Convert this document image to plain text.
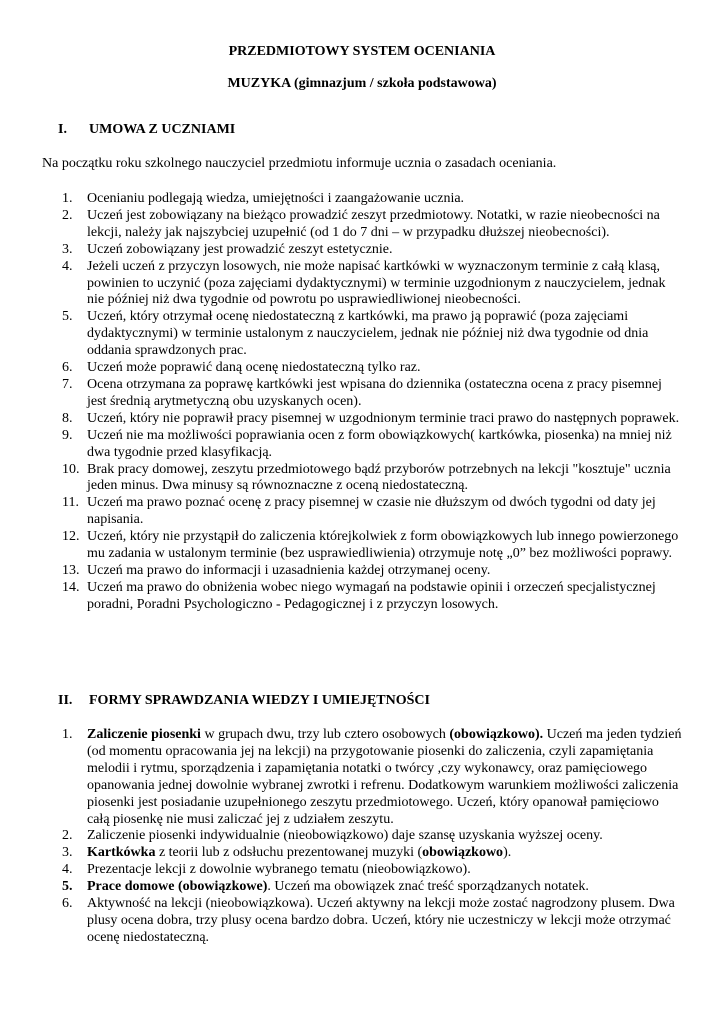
PRZEDMIOTOWY SYSTEM OCENIANIA
MUZYKA (gimnazjum / szkoła podstawowa)
I. UMOWA Z UCZNIAMI
Na początku roku szkolnego nauczyciel przedmiotu informuje ucznia o zasadach oceniania.
1. Ocenianiu podlegają wiedza, umiejętności i zaangażowanie ucznia.
2. Uczeń jest zobowiązany na bieżąco prowadzić zeszyt przedmiotowy. Notatki, w razie nieobecności na lekcji, należy jak najszybciej uzupełnić (od 1 do 7 dni – w przypadku dłuższej nieobecności).
3. Uczeń zobowiązany jest prowadzić zeszyt estetycznie.
4. Jeżeli uczeń z przyczyn losowych, nie może napisać kartkówki w wyznaczonym terminie z całą klasą, powinien to uczynić (poza zajęciami dydaktycznymi) w terminie uzgodnionym z nauczycielem, jednak nie później niż dwa tygodnie od powrotu po usprawiedliwionej nieobecności.
5. Uczeń, który otrzymał ocenę niedostateczną z kartkówki, ma prawo ją poprawić (poza zajęciami dydaktycznymi) w terminie ustalonym z nauczycielem, jednak nie później niż dwa tygodnie od dnia oddania sprawdzonych prac.
6. Uczeń może poprawić daną ocenę niedostateczną tylko raz.
7. Ocena otrzymana za poprawę kartkówki jest wpisana do dziennika (ostateczna ocena z pracy pisemnej jest średnią arytmetyczną obu uzyskanych ocen).
8. Uczeń, który nie poprawił pracy pisemnej w uzgodnionym terminie traci prawo do następnych poprawek.
9. Uczeń nie ma możliwości poprawiania ocen z form obowiązkowych( kartkówka, piosenka) na mniej niż dwa tygodnie przed klasyfikacją.
10. Brak pracy domowej, zeszytu przedmiotowego bądź przyborów potrzebnych na lekcji "kosztuje" ucznia jeden minus. Dwa minusy są równoznaczne z oceną niedostateczną.
11. Uczeń ma prawo poznać ocenę z pracy pisemnej w czasie nie dłuższym od dwóch tygodni od daty jej napisania.
12. Uczeń, który nie przystąpił do zaliczenia którejkolwiek z form obowiązkowych lub innego powierzonego mu zadania w ustalonym terminie (bez usprawiedliwienia) otrzymuje notę „0” bez możliwości poprawy.
13. Uczeń ma prawo do informacji i uzasadnienia każdej otrzymanej oceny.
14. Uczeń ma prawo do obniżenia wobec niego wymagań na podstawie opinii i orzeczeń specjalistycznej poradni, Poradni Psychologiczno - Pedagogicznej i z przyczyn losowych.
II. FORMY SPRAWDZANIA WIEDZY I UMIEJĘTNOŚCI
1. Zaliczenie piosenki w grupach dwu, trzy lub cztero osobowych (obowiązkowo). Uczeń ma jeden tydzień (od momentu opracowania jej na lekcji) na przygotowanie piosenki do zaliczenia, czyli zapamiętania melodii i rytmu, sporządzenia i zapamiętania notatki o twórcy ,czy wykonawcy, oraz pamięciowego opanowania jednej dowolnie wybranej zwrotki i refrenu. Dodatkowym warunkiem możliwości zaliczenia piosenki jest posiadanie uzupełnionego zeszytu przedmiotowego. Uczeń, który opanował pamięciowo całą piosenkę nie musi zaliczać jej z udziałem zeszytu.
2. Zaliczenie piosenki indywidualnie (nieobowiązkowo) daje szansę uzyskania wyższej oceny.
3. Kartkówka z teorii lub z odsłuchu prezentowanej muzyki (obowiązkowo).
4. Prezentacje lekcji z dowolnie wybranego tematu (nieobowiązkowo).
5. Prace domowe (obowiązkowe). Uczeń ma obowiązek znać treść sporządzanych notatek.
6. Aktywność na lekcji (nieobowiązkowa). Uczeń aktywny na lekcji może zostać nagrodzony plusem. Dwa plusy ocena dobra, trzy plusy ocena bardzo dobra. Uczeń, który nie uczestniczy w lekcji może otrzymać ocenę niedostateczną.
